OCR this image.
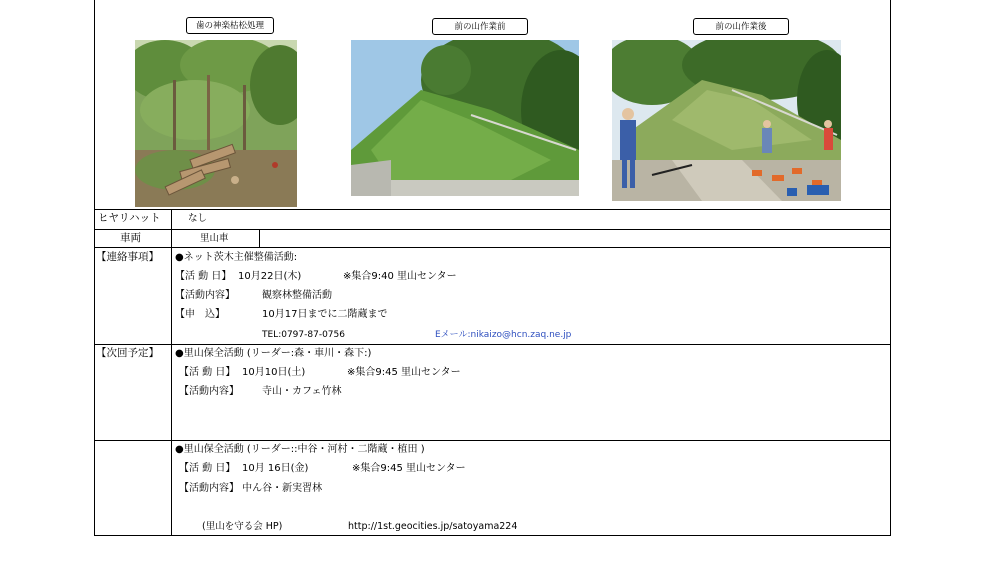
歯の神楽枯松処理	前の山作業前	前の山作業後
ヒヤリハット	なし
車両	里山車
【連絡事項】 ●ネット茨木主催整備活動:
【活 動 日】 10月22日(木)	※集合9:40 里山センター
【活動内容】	観察林整備活動
【申　込】	10月17日までに二階蔵まで
TEL:0797-87-0756	Eメール:nikaizo@hcn.zaq.ne.jp
【次回予定】 ●里山保全活動 (リーダー:森・車川・森下:)
【活 動 日】 10月10日(土)	※集合9:45 里山センター
【活動内容】 寺山・カフェ竹林
●里山保全活動 (リーダー::中谷・河村・二階蔵・植田 )
【活 動 日】 10月 16日(金)	※集合9:45 里山センター
【活動内容】 中ん谷・新実習林
(里山を守る会 HP)	http://1st.geocities.jp/satoyama224
